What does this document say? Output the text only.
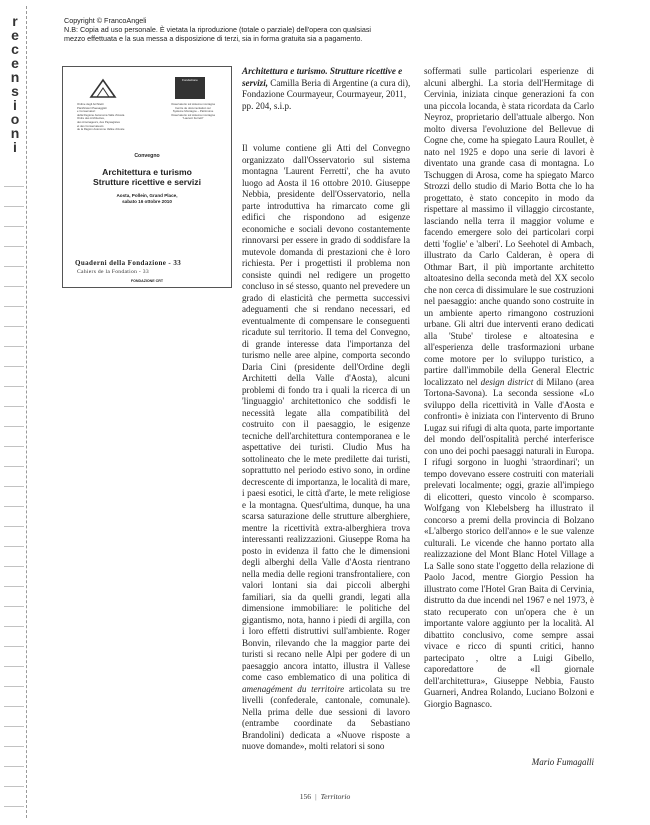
r
e
c
e
n
s
i
o
n
i
Copyright © FrancoAngeli
N.B: Copia ad uso personale. È vietata la riproduzione (totale o parziale) dell'opera con qualsiasi
mezzo effettuata e la sua messa a disposizione di terzi, sia in forma gratuita sia a pagamento.
Ordine degli Architetti
Pianificatori Paesaggisti
e Conservatori
della Regione Autonoma Valle d'Aosta
Ordre des Architectes,
des Aménageurs, des Paysagistes
et des Conservateurs
de la Région Autonome Vallée d'Aoste
Fondazione
Osservatorio sul sistema montagna
Centre de documentation sur
Système Montagne – Patrimoine
Osservatorio sul sistema montagna
"Laurent Ferretti"
Convegno
Architettura e turismo
Strutture ricettive e servizi
Aosta, Pollein, Grand Place,
sabato 16 ottobre 2010
Quaderni della Fondazione - 33
Cahiers de la Fondation - 33
FONDAZIONE CRT
Architettura e turismo. Strutture ricettive e servizi, Camilla Beria di Argentine (a cura di), Fondazione Courmayeur, Courmayeur, 2011, pp. 204, s.i.p.

Il volume contiene gli Atti del Convegno organizzato dall'Osservatorio sul sistema montagna 'Laurent Ferretti', che ha avuto luogo ad Aosta il 16 ottobre 2010. Giuseppe Nebbia, presidente dell'Osservatorio, nella parte introduttiva ha rimarcato come gli edifici che rispondono ad esigenze economiche e sociali devono costantemente rinnovarsi per essere in grado di soddisfare la mutevole domanda di prestazioni che è loro richiesta. Per i progettisti il problema non consiste quindi nel redigere un progetto concluso in sé stesso, quanto nel prevedere un grado di elasticità che permetta successivi adeguamenti che si rendano necessari, ed eventualmente di compensare le conseguenti ricadute sul territorio. Il tema del Convegno, di grande interesse data l'importanza del turismo nelle aree alpine, comporta secondo Daria Cini (presidente dell'Ordine degli Architetti della Valle d'Aosta), alcuni problemi di fondo tra i quali la ricerca di un 'linguaggio' architettonico che soddisfi le necessità legate alla compatibilità del costruito con il paesaggio, le esigenze tecniche dell'architettura contemporanea e le aspettative dei turisti. Cludio Mus ha sottolineato che le mete predilette dai turisti, soprattutto nel periodo estivo sono, in ordine decrescente di importanza, le località di mare, i paesi esotici, le città d'arte, le mete religiose e la montagna. Quest'ultima, dunque, ha una scarsa saturazione delle strutture alberghiere, mentre la ricettività extra-alberghiera trova interessanti realizzazioni. Giuseppe Roma ha posto in evidenza il fatto che le dimensioni degli alberghi della Valle d'Aosta rientrano nella media delle regioni transfrontaliere, con valori lontani sia dai piccoli alberghi familiari, sia da quelli grandi, legati alla dimensione immobiliare: le politiche del gigantismo, nota, hanno i piedi di argilla, con i loro effetti distruttivi sull'ambiente. Roger Bonvin, rilevando che la maggior parte dei turisti si recano nelle Alpi per godere di un paesaggio ancora intatto, illustra il Vallese come caso emblematico di una politica di amenagément du territoire articolata su tre livelli (confederale, cantonale, comunale). Nella prima delle due sessioni di lavoro (entrambe coordinate da Sebastiano Brandolini) dedicata a «Nuove risposte a nuove domande», molti relatori si sono

soffermati sulle particolari esperienze di alcuni alberghi. La storia dell'Hermitage di Cervinia, iniziata cinque generazioni fa con una piccola locanda, è stata ricordata da Carlo Neyroz, proprietario dell'attuale albergo. Non molto diversa l'evoluzione del Bellevue di Cogne che, come ha spiegato Laura Roullet, è nato nel 1925 e dopo una serie di lavori è diventato una grande casa di montagna. Lo Tschuggen di Arosa, come ha spiegato Marco Strozzi dello studio di Mario Botta che lo ha progettato, è stato concepito in modo da rispettare al massimo il villaggio circostante, lasciando nella terra il maggior volume e facendo emergere solo dei particolari corpi detti 'foglie' e 'alberi'. Lo Seehotel di Ambach, illustrato da Carlo Calderan, è opera di Othmar Bart, il più importante architetto altoatesino della seconda metà del XX secolo che non cerca di dissimulare le sue costruzioni nel paesaggio: anche quando sono costruite in un ambiente aperto rimangono costruzioni urbane. Gli altri due interventi erano dedicati alla 'Stube' tirolese e altoatesina e all'esperienza delle trasformazioni urbane come motore per lo sviluppo turistico, a partire dall'immobile della General Electric localizzato nel design district di Milano (area Tortona-Savona). La seconda sessione «Lo sviluppo della ricettività in Valle d'Aosta e confronti» è iniziata con l'intervento di Bruno Lugaz sui rifugi di alta quota, parte importante del mondo dell'ospitalità perché interferisce con uno dei pochi paesaggi naturali in Europa. I rifugi sorgono in luoghi 'straordinari'; un tempo dovevano essere costruiti con materiali prelevati localmente; oggi, grazie all'impiego di elicotteri, questo vincolo è scomparso. Wolfgang von Klebelsberg ha illustrato il concorso a premi della provincia di Bolzano «L'albergo storico dell'anno» e le sue valenze culturali. Le vicende che hanno portato alla realizzazione del Mont Blanc Hotel Village a La Salle sono state l'oggetto della relazione di Paolo Jacod, mentre Giorgio Pession ha illustrato come l'Hotel Gran Baita di Cervinia, distrutto da due incendi nel 1967 e nel 1973, è stato recuperato con un'opera che è un importante valore aggiunto per la località. Al dibattito conclusivo, come sempre assai vivace e ricco di spunti critici, hanno partecipato , oltre a Luigi Gibello, caporedattore de «Il giornale dell'architettura», Giuseppe Nebbia, Fausto Guarneri, Andrea Rolando, Luciano Bolzoni e Giorgio Bagnasco.

Mario Fumagalli
156 | Territorio
